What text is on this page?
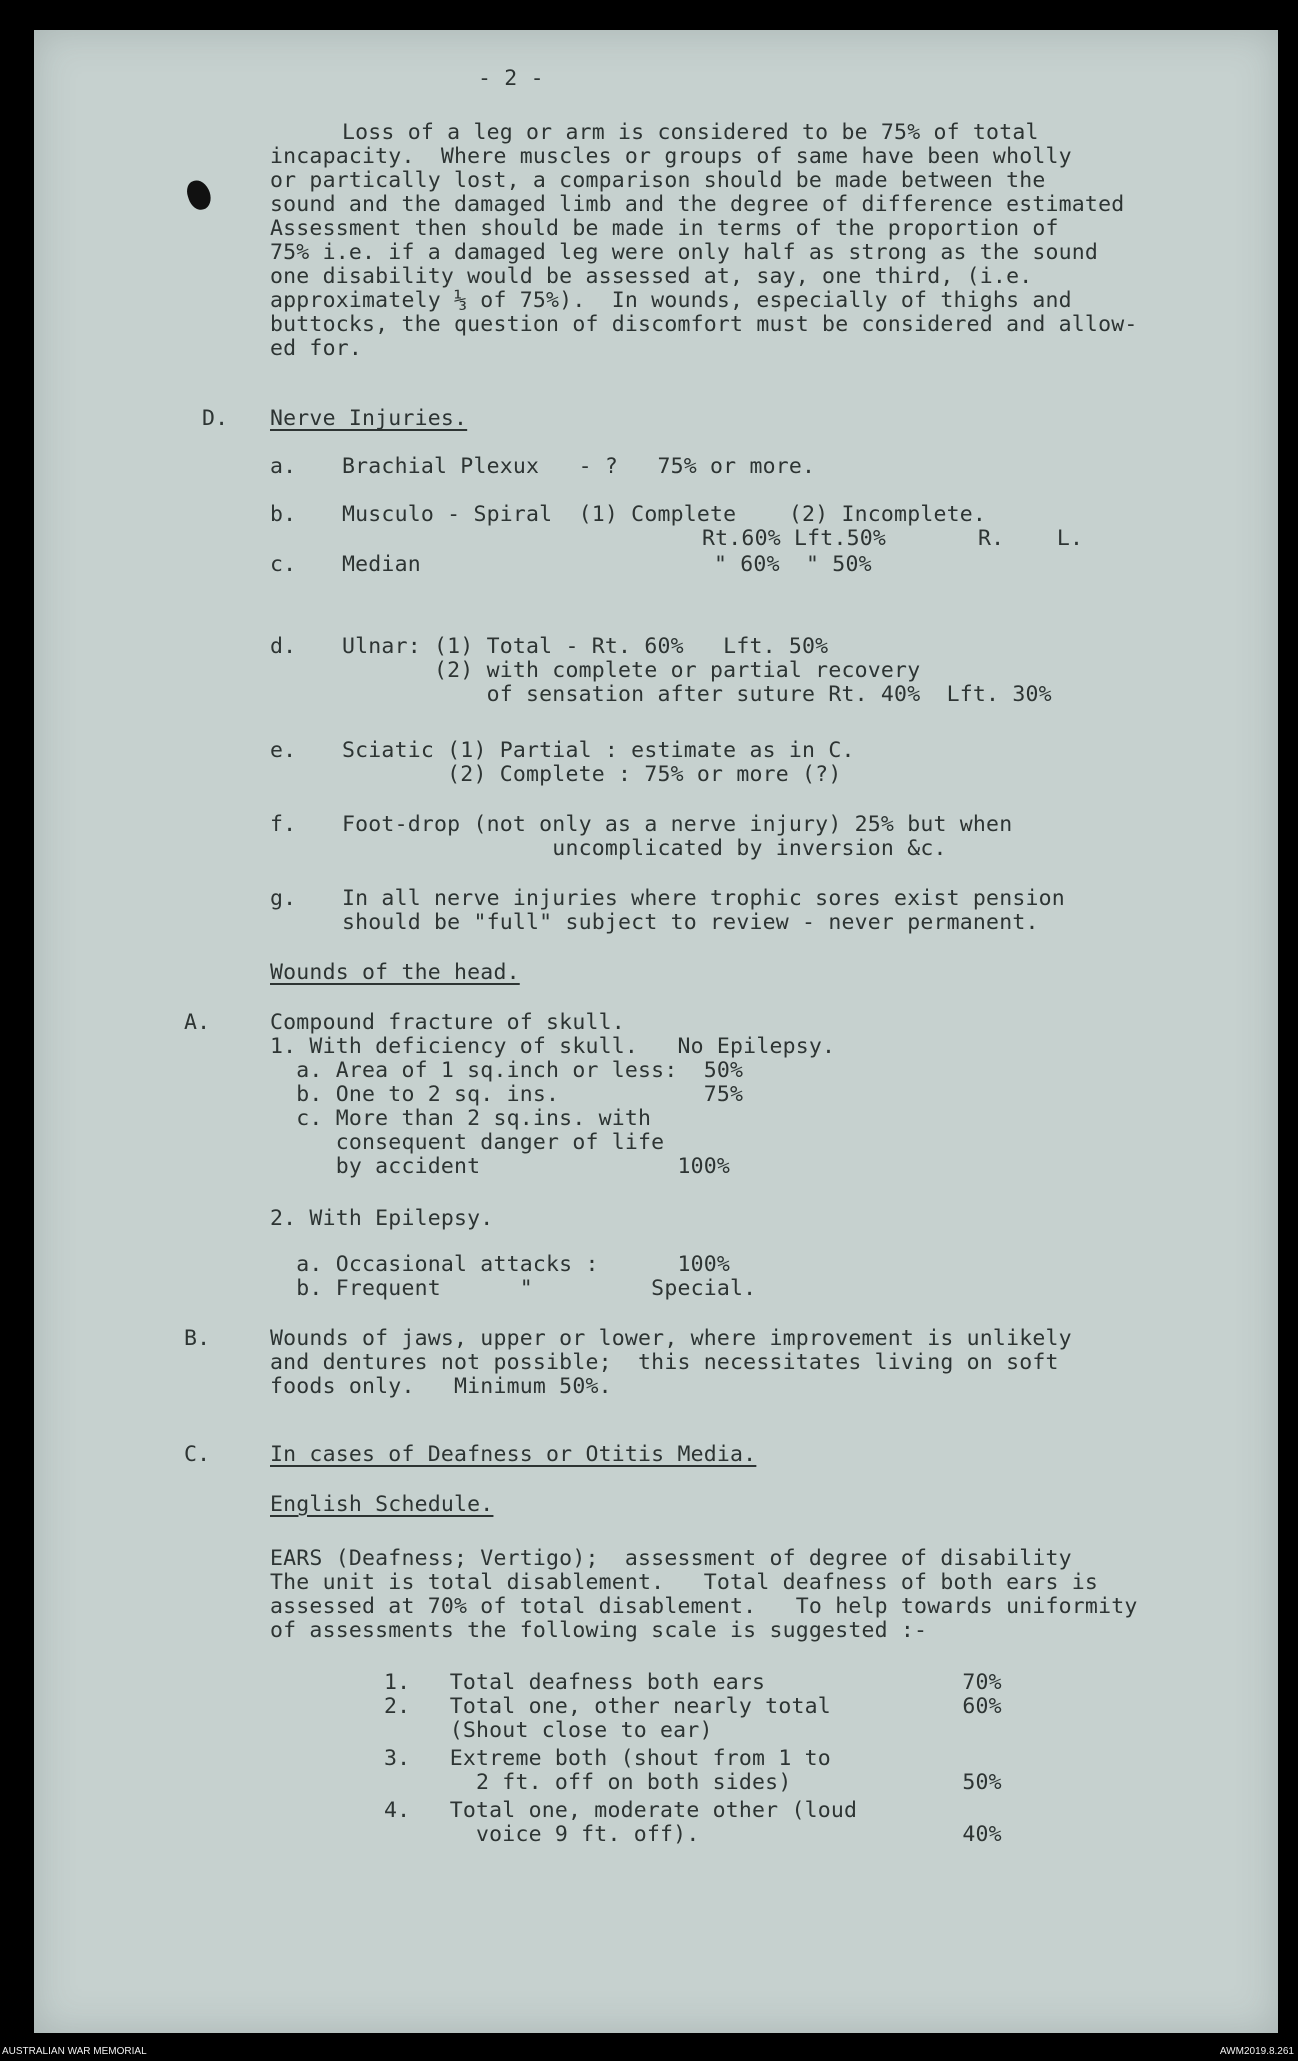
- 2 -
Loss of a leg or arm is considered to be 75% of total
incapacity.  Where muscles or groups of same have been wholly
or partically lost, a comparison should be made between the
sound and the damaged limb and the degree of difference estimated
Assessment then should be made in terms of the proportion of
75% i.e. if a damaged leg were only half as strong as the sound
one disability would be assessed at, say, one third, (i.e.
approximately ⅓ of 75%).  In wounds, especially of thighs and
buttocks, the question of discomfort must be considered and allow-
ed for.
D. Nerve Injuries.
a. Brachial Plexux   - ?   75% or more.
b. Musculo - Spiral  (1) Complete    (2) Incomplete.
Rt.60% Lft.50%       R.    L.
c. Median	" 60%  " 50%
d. Ulnar: (1) Total - Rt. 60%   Lft. 50%
(2) with complete or partial recovery
of sensation after suture Rt. 40%  Lft. 30%
e. Sciatic (1) Partial : estimate as in C.
(2) Complete : 75% or more (?)
f. Foot-drop (not only as a nerve injury) 25% but when
uncomplicated by inversion &c.
g. In all nerve injuries where trophic sores exist pension
should be "full" subject to review - never permanent.
Wounds of the head.
A.	Compound fracture of skull.
1. With deficiency of skull.   No Epilepsy.
a. Area of 1 sq.inch or less:  50%
b. One to 2 sq. ins.           75%
c. More than 2 sq.ins. with
consequent danger of life
by accident               100%
2. With Epilepsy.
a. Occasional attacks :      100%
b. Frequent      "         Special.
B.	Wounds of jaws, upper or lower, where improvement is unlikely
and dentures not possible;  this necessitates living on soft
foods only.   Minimum 50%.
C.	In cases of Deafness or Otitis Media.
English Schedule.
EARS (Deafness; Vertigo);  assessment of degree of disability
The unit is total disablement.   Total deafness of both ears is
assessed at 70% of total disablement.   To help towards uniformity
of assessments the following scale is suggested :-
1.   Total deafness both ears               70%
2.   Total one, other nearly total          60%
(Shout close to ear)
3.   Extreme both (shout from 1 to
2 ft. off on both sides)             50%
4.   Total one, moderate other (loud
voice 9 ft. off).                    40%
AUSTRALIAN WAR MEMORIAL	AWM2019.8.261
